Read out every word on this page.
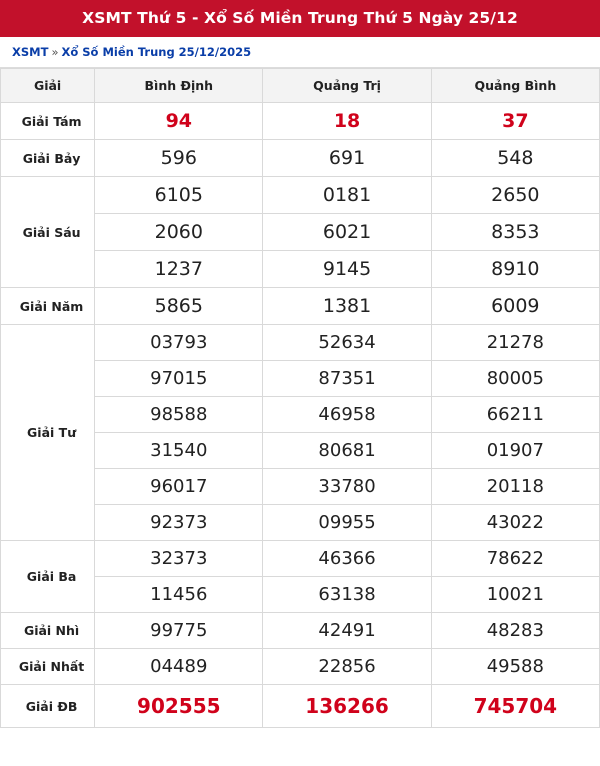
XSMT Thứ 5 - Xổ Số Miền Trung Thứ 5 Ngày 25/12
XSMT » Xổ Số Miền Trung 25/12/2025
Giải	Bình Định	Quảng Trị	Quảng Bình
Giải Tám	94	18	37
Giải Bảy	596	691	548
Giải Sáu	6105	0181	2650
	2060	6021	8353
	1237	9145	8910
Giải Năm	5865	1381	6009
Giải Tư	03793	52634	21278
	97015	87351	80005
	98588	46958	66211
	31540	80681	01907
	96017	33780	20118
	92373	09955	43022
Giải Ba	32373	46366	78622
	11456	63138	10021
Giải Nhì	99775	42491	48283
Giải Nhất	04489	22856	49588
Giải ĐB	902555	136266	745704
